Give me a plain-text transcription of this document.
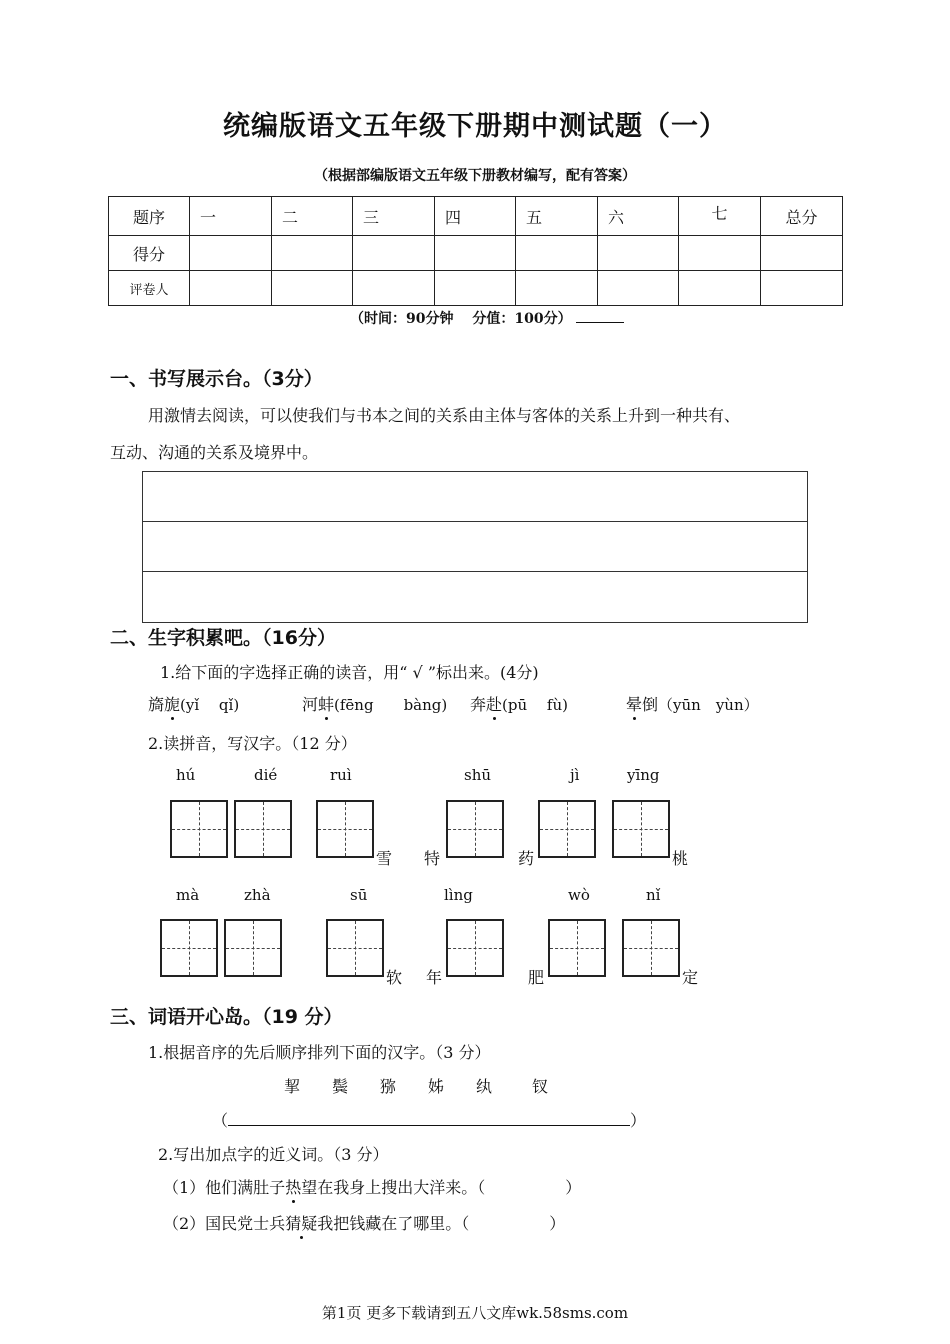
统编版语文五年级下册期中测试题（一）
（根据部编版语文五年级下册教材编写，配有答案）
题序	一	二	三	四	五	六	七	总分
得分								
评卷人								
（时间：90分钟　 分值：100分）
一、书写展示台。（3分）
用激情去阅读，可以使我们与书本之间的关系由主体与客体的关系上升到一种共有、
互动、沟通的关系及境界中。
二、生字积累吧。（16分）
1.给下面的字选择正确的读音，用“ √ ”标出来。(4分)
旖旎(yǐ　 qǐ)	河蚌(fēng　　bàng) 奔赴(pū　 fù)	晕倒（yūn　yùn）
2.读拼音，写汉字。（12 分）
hú	dié	ruì	shū	jì	yīng
雪 特	药	桃
mà	zhà	sū	lìng	wò	nǐ
软 年	肥	定
三、词语开心岛。（19 分）
1.根据音序的先后顺序排列下面的汉字。（3 分）
挈 鬓 猕 姊 纨 钗
（	）
2.写出加点字的近义词。（3 分）
（1）他们满肚子热望在我身上搜出大洋来。（　　　　　）
（2）国民党士兵猜疑我把钱藏在了哪里。（　　　　　）
第1页 更多下载请到五八文库wk.58sms.com
